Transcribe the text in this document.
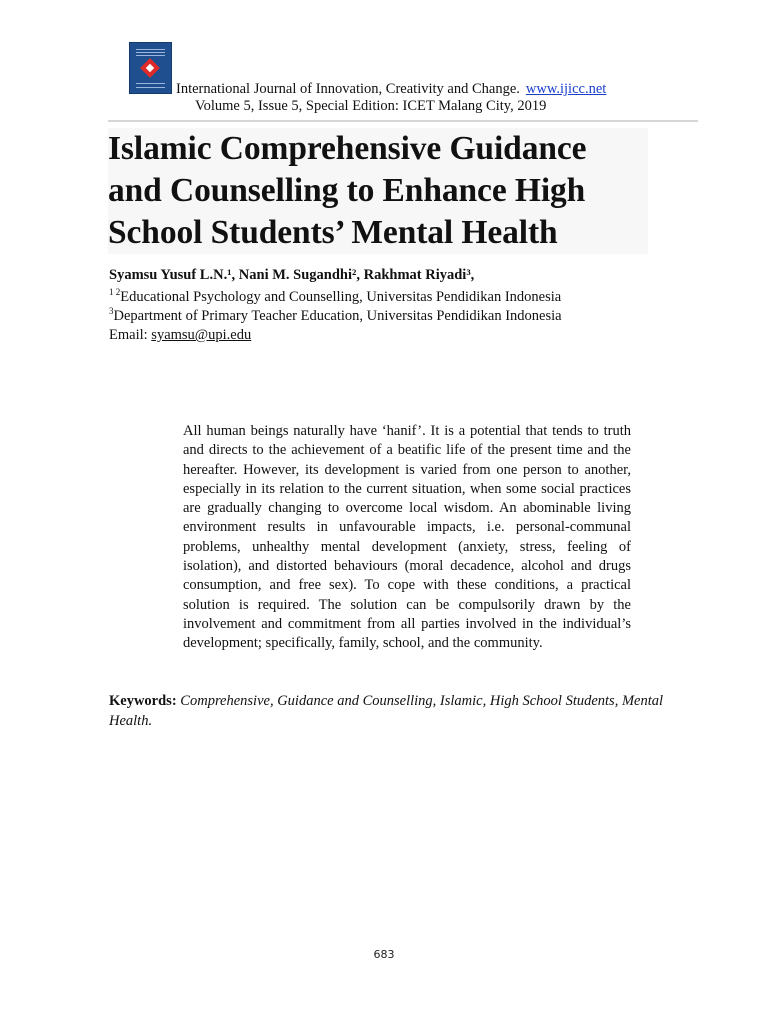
International Journal of Innovation, Creativity and Change. www.ijicc.net
Volume 5, Issue 5, Special Edition: ICET Malang City, 2019
Islamic Comprehensive Guidance and Counselling to Enhance High School Students’ Mental Health
Syamsu Yusuf L.N.¹, Nani M. Sugandhi², Rakhmat Riyadi³,
$^{1 2}$Educational Psychology and Counselling, Universitas Pendidikan Indonesia
$^3$Department of Primary Teacher Education, Universitas Pendidikan Indonesia
Email: syamsu@upi.edu

All human beings naturally have ‘hanif’. It is a potential that tends to truth and directs to the achievement of a beatific life of the present time and the hereafter. However, its development is varied from one person to another, especially in its relation to the current situation, when some social practices are gradually changing to overcome local wisdom. An abominable living environment results in unfavourable impacts, i.e. personal-communal problems, unhealthy mental development (anxiety, stress, feeling of isolation), and distorted behaviours (moral decadence, alcohol and drugs consumption, and free sex). To cope with these conditions, a practical solution is required. The solution can be compulsorily drawn by the involvement and commitment from all parties involved in the individual’s development; specifically, family, school, and the community.

Keywords: Comprehensive, Guidance and Counselling, Islamic, High School Students, Mental Health.

683
